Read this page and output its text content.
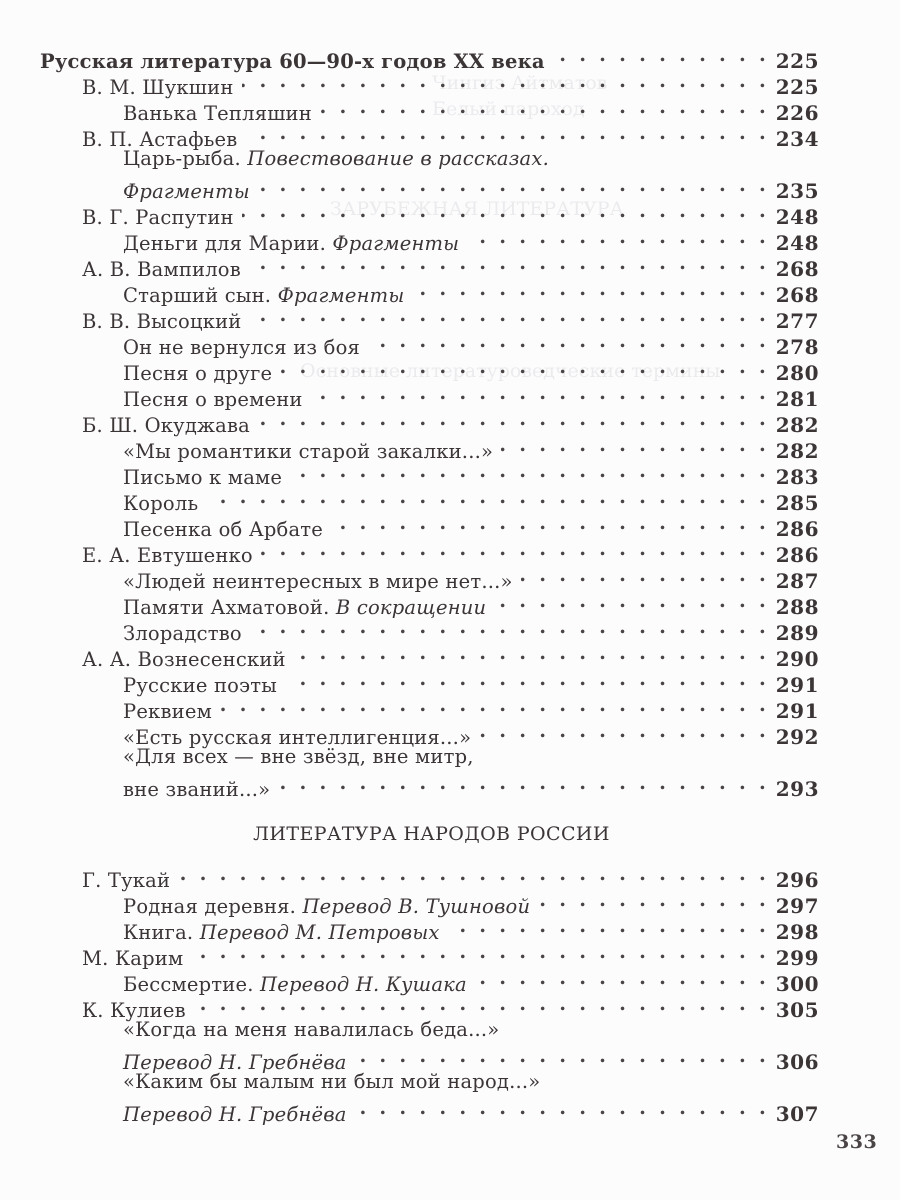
Чингиз Айтматов
Белый пароход
ЗАРУБЕЖНАЯ ЛИТЕРАТУРА
Основные литературоведческие термины
Русская литература 60—90-х годов XX века . . .	225
В. М. Шукшин . . .	225
Ванька Тепляшин . . .	226
В. П. Астафьев . . .	234
Царь-рыба. Повествование в рассказах.
Фрагменты . . .	235
В. Г. Распутин . . .	248
Деньги для Марии. Фрагменты . . .	248
А. В. Вампилов . . .	268
Старший сын. Фрагменты . . .	268
В. В. Высоцкий . . .	277
Он не вернулся из боя . . .	278
Песня о друге . . .	280
Песня о времени . . .	281
Б. Ш. Окуджава . . .	282
«Мы романтики старой закалки...» . . .	282
Письмо к маме . . .	283
Король . . .	285
Песенка об Арбате . . .	286
Е. А. Евтушенко . . .	286
«Людей неинтересных в мире нет...» . . .	287
Памяти Ахматовой. В сокращении . . .	288
Злорадство . . .	289
А. А. Вознесенский . . .	290
Русские поэты . . .	291
Реквием . . .	291
«Есть русская интеллигенция...» . . .	292
«Для всех — вне звёзд, вне митр,
вне званий...» . . .	293
ЛИТЕРАТУРА НАРОДОВ РОССИИ
Г. Тукай . . .	296
Родная деревня. Перевод В. Тушновой . . .	297
Книга. Перевод М. Петровых . . .	298
М. Карим . . .	299
Бессмертие. Перевод Н. Кушака . . .	300
К. Кулиев . . .	305
«Когда на меня навалилась беда...»
Перевод Н. Гребнёва . . .	306
«Каким бы малым ни был мой народ...»
Перевод Н. Гребнёва . . .	307
333
